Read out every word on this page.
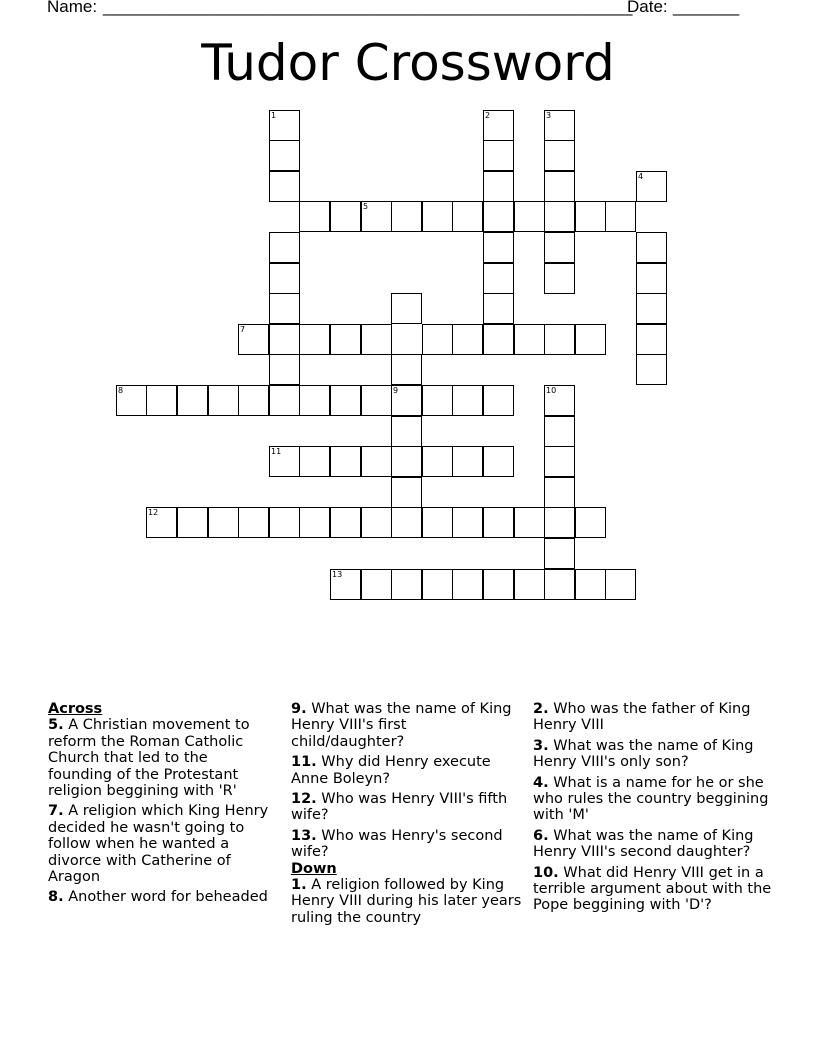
Name:

________________________________________________________

Date:

_______

Tudor Crossword
5
1	2	3
4
9
7
8	10
11
12
13
Across
5. A Christian movement to reform the Roman Catholic Church that led to the founding of the Protestant religion beggining with 'R'
7. A religion which King Henry decided he wasn't going to follow when he wanted a divorce with Catherine of Aragon
8. Another word for beheaded
9. What was the name of King Henry VIII's first child/daughter?
11. Why did Henry execute Anne Boleyn?
12. Who was Henry VIII's fifth wife?
13. Who was Henry's second wife?
Down
1. A religion followed by King Henry VIII during his later years ruling the country
2. Who was the father of King Henry VIII
3. What was the name of King Henry VIII's only son?
4. What is a name for he or she who rules the country beggining with 'M'
6. What was the name of King Henry VIII's second daughter?
10. What did Henry VIII get in a terrible argument about with the Pope beggining with 'D'?
